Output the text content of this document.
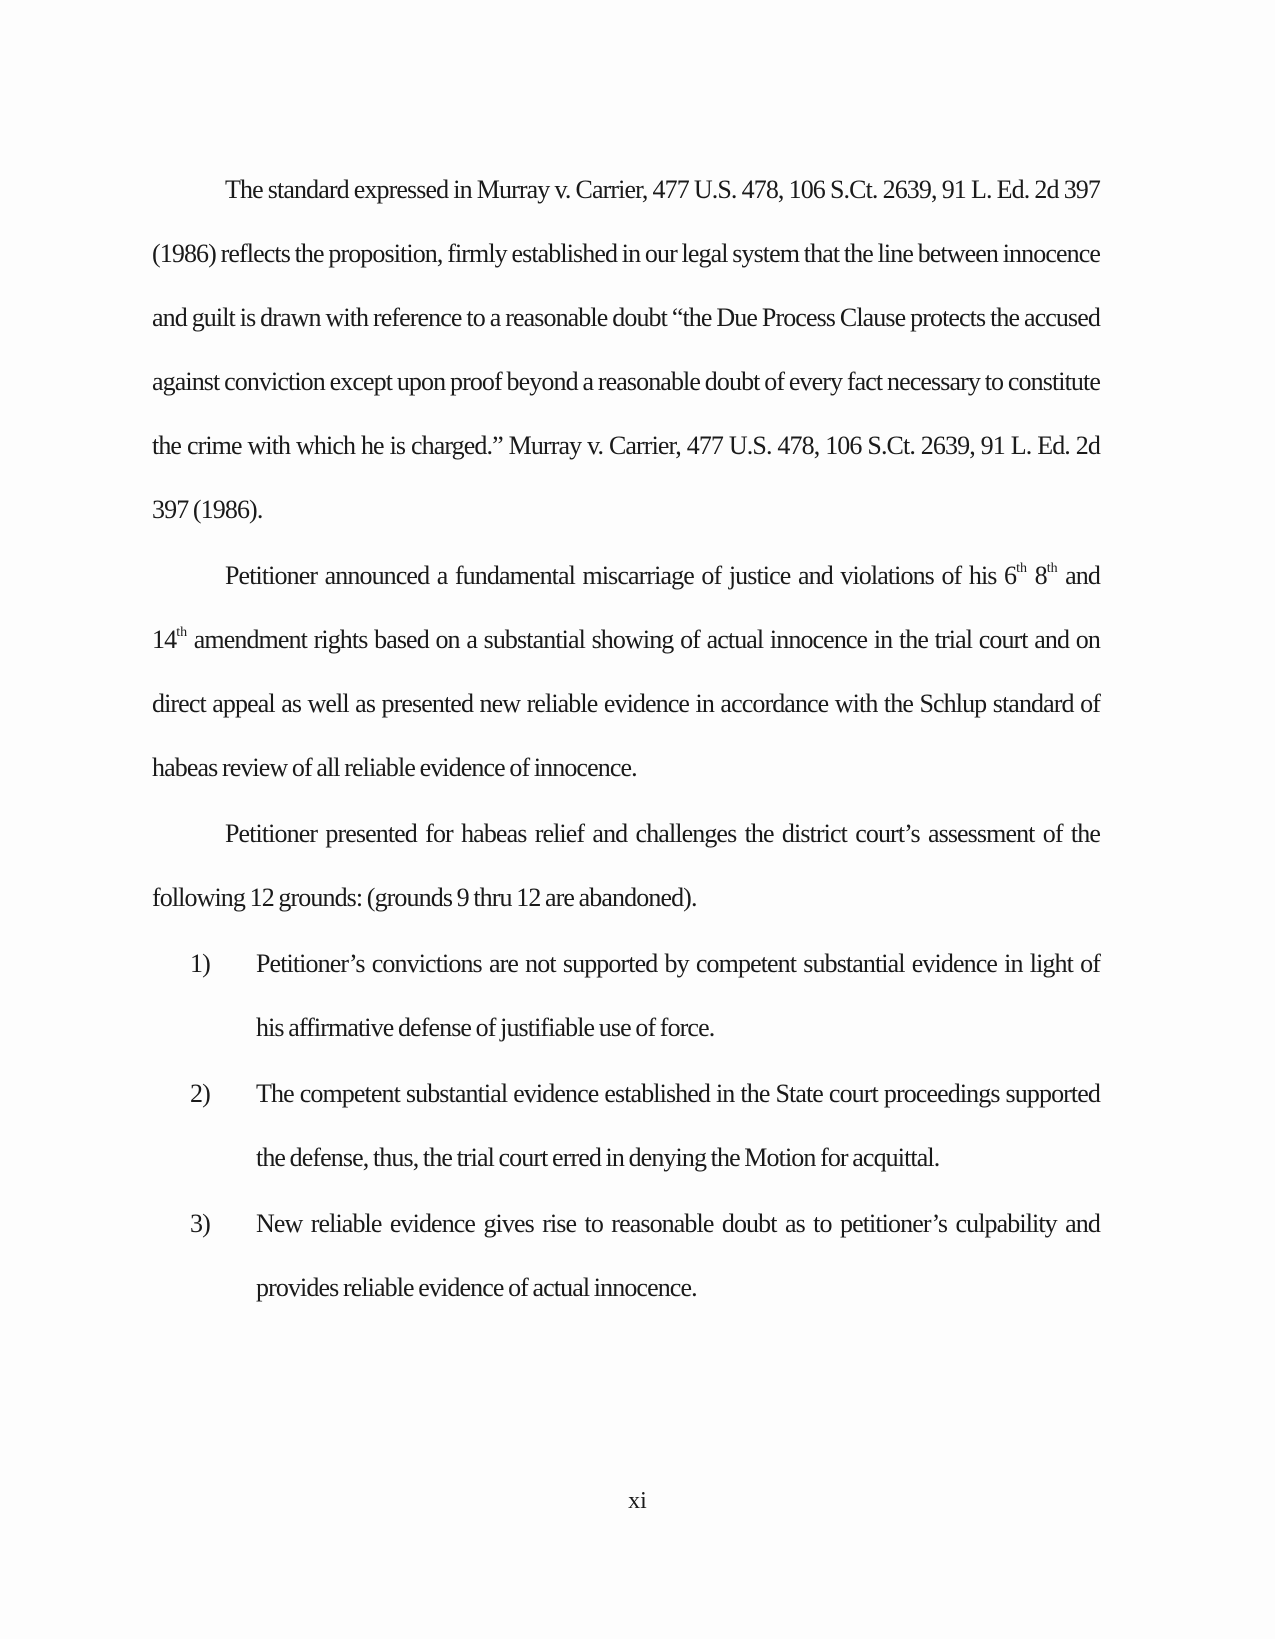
The standard expressed in Murray v. Carrier, 477 U.S. 478, 106 S.Ct. 2639, 91 L. Ed. 2d 397 (1986) reflects the proposition, firmly established in our legal system that the line between innocence and guilt is drawn with reference to a reasonable doubt “the Due Process Clause protects the accused against conviction except upon proof beyond a reasonable doubt of every fact necessary to constitute the crime with which he is charged.” Murray v. Carrier, 477 U.S. 478, 106 S.Ct. 2639, 91 L. Ed. 2d 397 (1986).

Petitioner announced a fundamental miscarriage of justice and violations of his 6th 8th and 14th amendment rights based on a substantial showing of actual innocence in the trial court and on direct appeal as well as presented new reliable evidence in accordance with the Schlup standard of habeas review of all reliable evidence of innocence.

Petitioner presented for habeas relief and challenges the district court’s assessment of the following 12 grounds: (grounds 9 thru 12 are abandoned).

1) Petitioner’s convictions are not supported by competent substantial evidence in light of his affirmative defense of justifiable use of force.
2) The competent substantial evidence established in the State court proceedings supported the defense, thus, the trial court erred in denying the Motion for acquittal.
3) New reliable evidence gives rise to reasonable doubt as to petitioner’s culpability and provides reliable evidence of actual innocence.
xi
